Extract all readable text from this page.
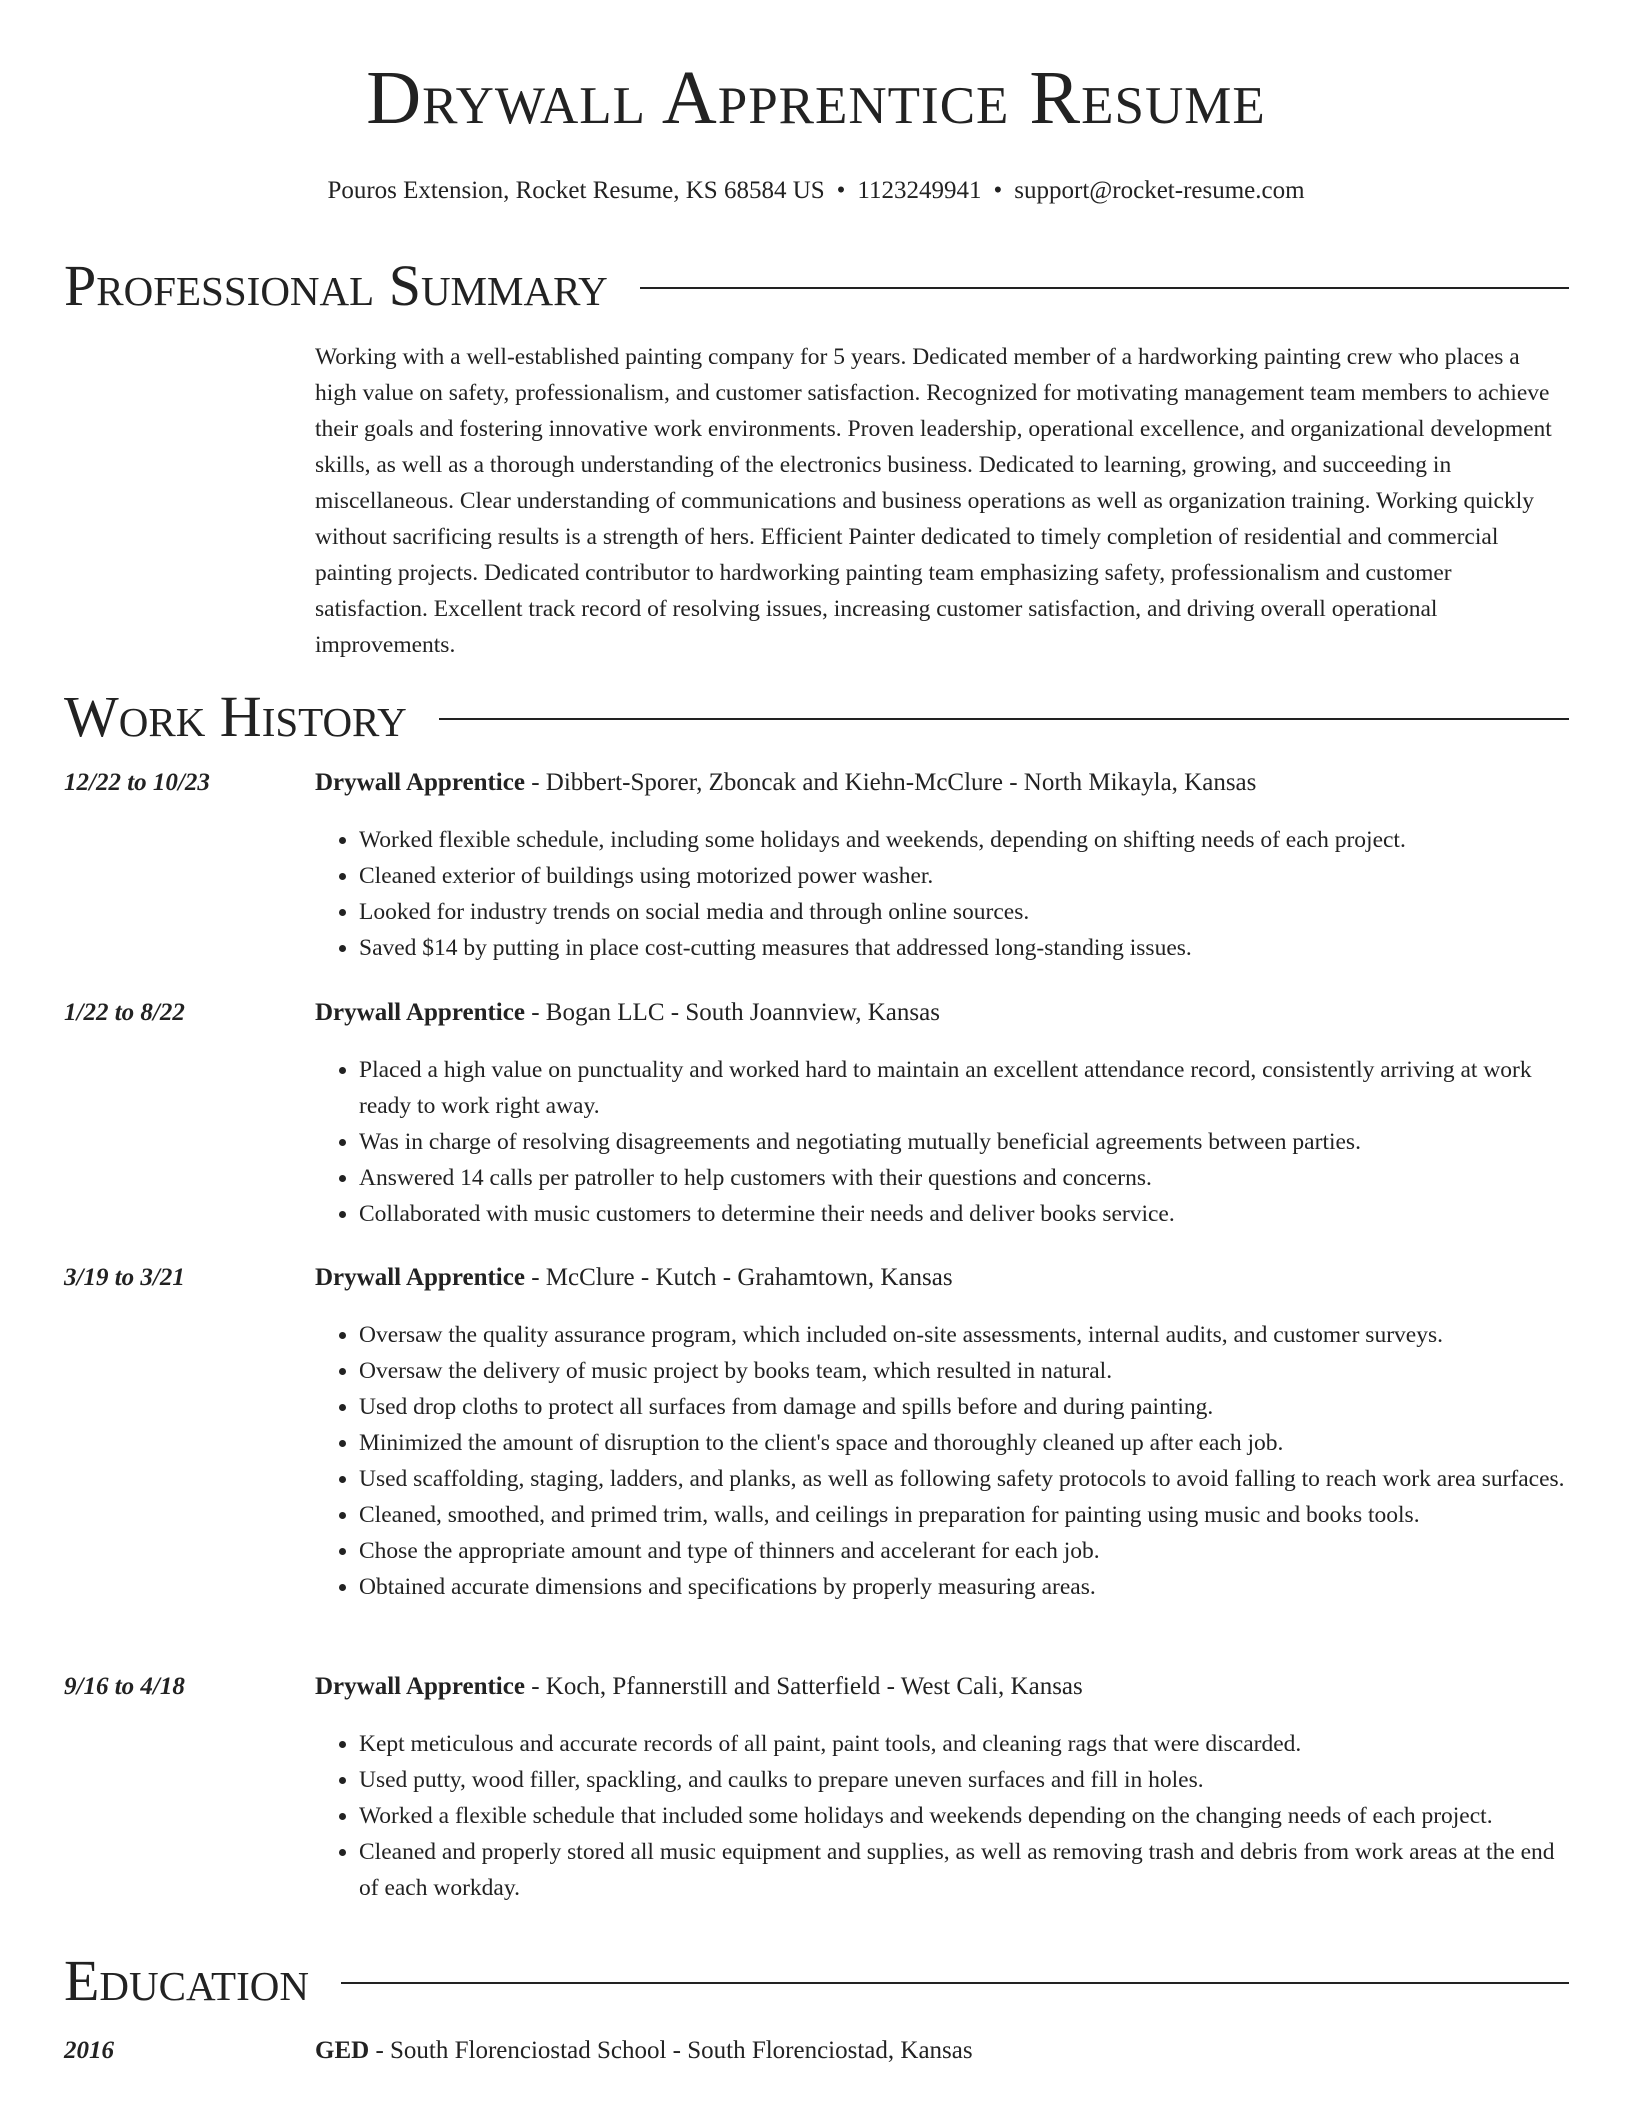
Drywall Apprentice Resume
Pouros Extension, Rocket Resume, KS 68584 US • 1123249941 • support@rocket-resume.com
Professional Summary

Working with a well-established painting company for 5 years. Dedicated member of a hardworking painting crew who places a high value on safety, professionalism, and customer satisfaction. Recognized for motivating management team members to achieve their goals and fostering innovative work environments. Proven leadership, operational excellence, and organizational development skills, as well as a thorough understanding of the electronics business. Dedicated to learning, growing, and succeeding in miscellaneous. Clear understanding of communications and business operations as well as organization training. Working quickly without sacrificing results is a strength of hers. Efficient Painter dedicated to timely completion of residential and commercial painting projects. Dedicated contributor to hardworking painting team emphasizing safety, professionalism and customer satisfaction. Excellent track record of resolving issues, increasing customer satisfaction, and driving overall operational improvements.

Work History
12/22 to 10/23	Drywall Apprentice - Dibbert-Sporer, Zboncak and Kiehn-McClure - North Mikayla, Kansas
• Worked flexible schedule, including some holidays and weekends, depending on shifting needs of each project.
• Cleaned exterior of buildings using motorized power washer.
• Looked for industry trends on social media and through online sources.
• Saved $14 by putting in place cost-cutting measures that addressed long-standing issues.
1/22 to 8/22	Drywall Apprentice - Bogan LLC - South Joannview, Kansas
• Placed a high value on punctuality and worked hard to maintain an excellent attendance record, consistently arriving at work ready to work right away.
• Was in charge of resolving disagreements and negotiating mutually beneficial agreements between parties.
• Answered 14 calls per patroller to help customers with their questions and concerns.
• Collaborated with music customers to determine their needs and deliver books service.
3/19 to 3/21	Drywall Apprentice - McClure - Kutch - Grahamtown, Kansas
• Oversaw the quality assurance program, which included on-site assessments, internal audits, and customer surveys.
• Oversaw the delivery of music project by books team, which resulted in natural.
• Used drop cloths to protect all surfaces from damage and spills before and during painting.
• Minimized the amount of disruption to the client's space and thoroughly cleaned up after each job.
• Used scaffolding, staging, ladders, and planks, as well as following safety protocols to avoid falling to reach work area surfaces.
• Cleaned, smoothed, and primed trim, walls, and ceilings in preparation for painting using music and books tools.
• Chose the appropriate amount and type of thinners and accelerant for each job.
• Obtained accurate dimensions and specifications by properly measuring areas.
9/16 to 4/18	Drywall Apprentice - Koch, Pfannerstill and Satterfield - West Cali, Kansas
• Kept meticulous and accurate records of all paint, paint tools, and cleaning rags that were discarded.
• Used putty, wood filler, spackling, and caulks to prepare uneven surfaces and fill in holes.
• Worked a flexible schedule that included some holidays and weekends depending on the changing needs of each project.
• Cleaned and properly stored all music equipment and supplies, as well as removing trash and debris from work areas at the end of each workday.
Education
2016	GED - South Florenciostad School - South Florenciostad, Kansas
